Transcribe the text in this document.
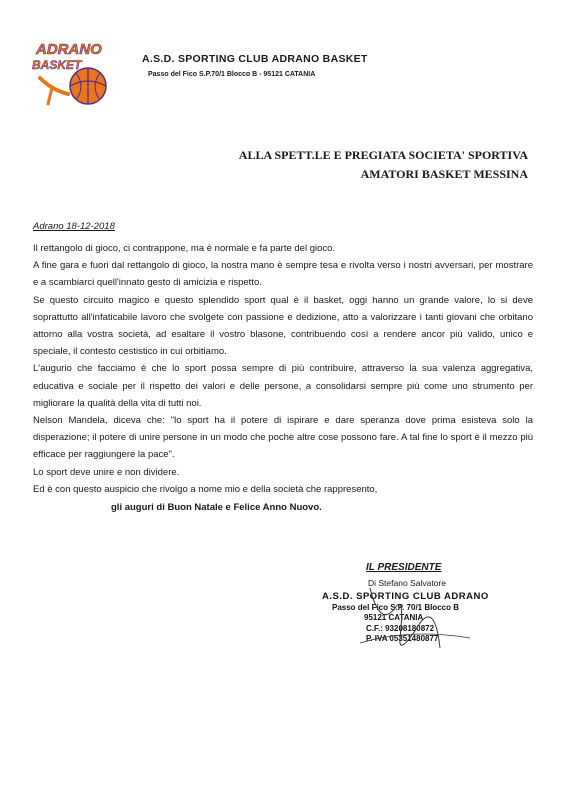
ADRANO
BASKET	A.S.D. SPORTING CLUB ADRANO BASKET
Passo del Fico S.P.70/1 Blocco B - 95121 CATANIA
ALLA SPETT.LE E PREGIATA SOCIETA' SPORTIVA
AMATORI BASKET MESSINA
Adrano 18-12-2018

Il rettangolo di gioco, ci contrappone, ma è normale e fa parte del gioco.

A fine gara e fuori dal rettangolo di gioco, la nostra mano è sempre tesa e rivolta verso i nostri avversari, per mostrare e a scambiarci quell'innato gesto di amicizia e rispetto.

Se questo circuito magico e questo splendido sport qual è il basket, oggi hanno un grande valore, lo si deve soprattutto all'infaticabile lavoro che svolgete con passione e dedizione, atto a valorizzare i tanti giovani che orbitano attorno alla vostra società, ad esaltare il vostro blasone, contribuendo così a rendere ancor più valido, unico e speciale, il contesto cestistico in cui orbitiamo.

L'augurio che facciamo è che lo sport possa sempre di più contribuire, attraverso la sua valenza aggregativa, educativa e sociale per il rispetto dei valori e delle persone, a consolidarsi sempre più come uno strumento per migliorare la qualità della vita di tutti noi.

Nelson Mandela, diceva che: "lo sport ha il potere di ispirare e dare speranza dove prima esisteva solo la disperazione; il potere di unire persone in un modo che poche altre cose possono fare. A tal fine lo sport è il mezzo più efficace per raggiungere la pace".

Lo sport deve unire e non dividere.

Ed è con questo auspicio che rivolgo a nome mio e della società che rappresento,

gli auguri di Buon Natale e Felice Anno Nuovo.

IL PRESIDENTE
Di Stefano Salvatore
A.S.D. SPORTING CLUB ADRANO
Passo del Fico S.P. 70/1 Blocco B
95121 CATANIA
C.F.: 93208180872
P. IVA 05351480877
